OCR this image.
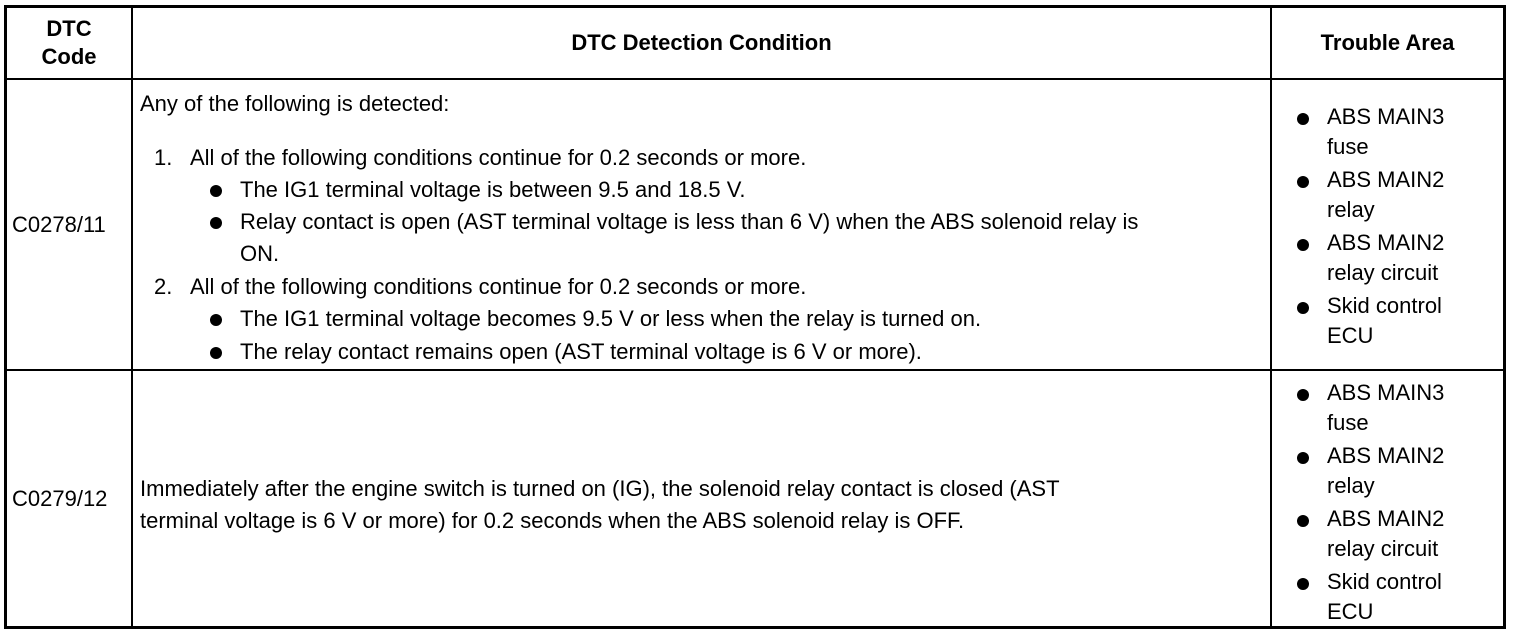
DTC
Code
DTC Detection Condition	Trouble Area
C0278/11
Any of the following is detected:
1. All of the following conditions continue for 0.2 seconds or more.
The IG1 terminal voltage is between 9.5 and 18.5 V.
Relay contact is open (AST terminal voltage is less than 6 V) when the ABS solenoid relay is
ON.
2. All of the following conditions continue for 0.2 seconds or more.
The IG1 terminal voltage becomes 9.5 V or less when the relay is turned on.
The relay contact remains open (AST terminal voltage is 6 V or more).
ABS MAIN3
fuse
ABS MAIN2
relay
ABS MAIN2
relay circuit
Skid control
ECU
C0279/12	Immediately after the engine switch is turned on (IG), the solenoid relay contact is closed (AST
terminal voltage is 6 V or more) for 0.2 seconds when the ABS solenoid relay is OFF.
ABS MAIN3
fuse
ABS MAIN2
relay
ABS MAIN2
relay circuit
Skid control
ECU
